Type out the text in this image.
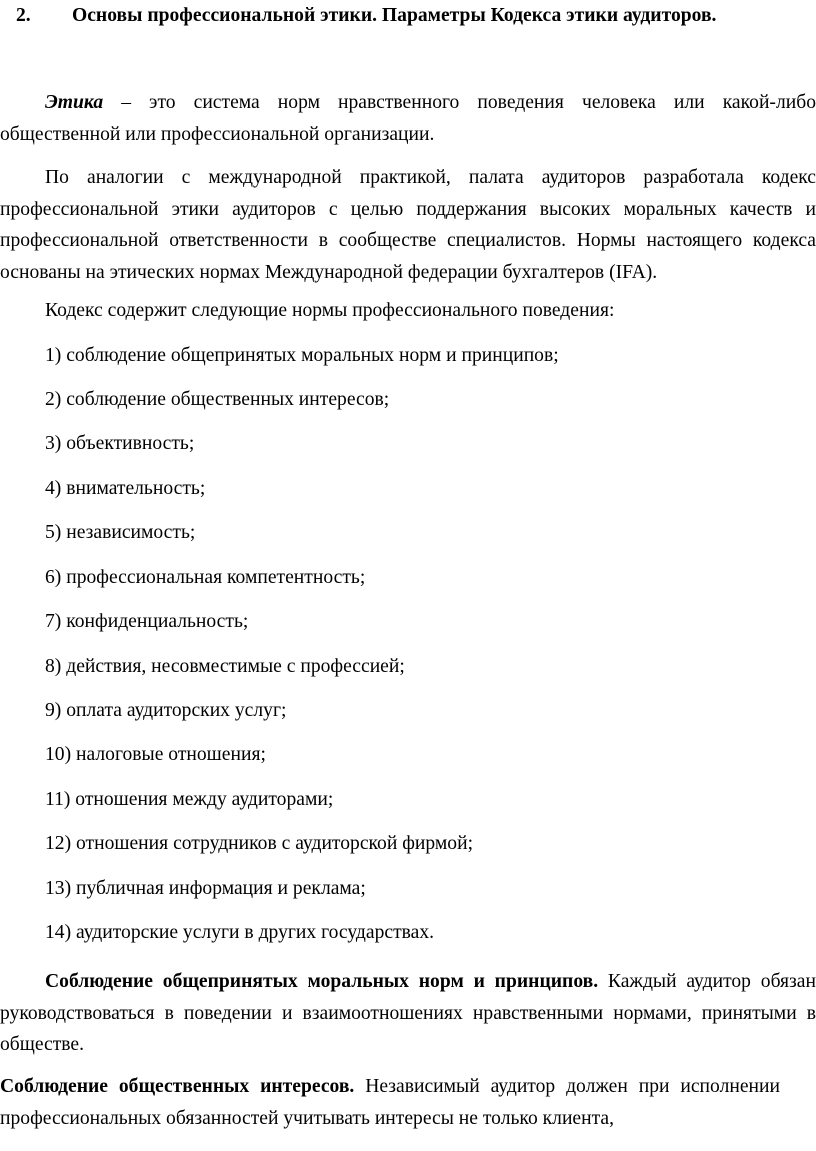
2. Основы профессиональной этики. Параметры Кодекса этики аудиторов.

Этика – это система норм нравственного поведения человека или какой-либо общественной или профессиональной организации.

По аналогии с международной практикой, палата аудиторов разработала кодекс профессиональной этики аудиторов с целью поддержания высоких моральных качеств и профессиональной ответственности в сообществе специалистов. Нормы настоящего кодекса основаны на этических нормах Международной федерации бухгалтеров (IFA).

Кодекс содержит следующие нормы профессионального поведения:
1) соблюдение общепринятых моральных норм и принципов;
2) соблюдение общественных интересов;
3) объективность;
4) внимательность;
5) независимость;
6) профессиональная компетентность;
7) конфиденциальность;
8) действия, несовместимые с профессией;
9) оплата аудиторских услуг;
10) налоговые отношения;
11) отношения между аудиторами;
12) отношения сотрудников с аудиторской фирмой;
13) публичная информация и реклама;
14) аудиторские услуги в других государствах.

Соблюдение общепринятых моральных норм и принципов. Каждый аудитор обязан руководствоваться в поведении и взаимоотношениях нравственными нормами, принятыми в обществе.

Соблюдение общественных интересов. Независимый аудитор должен при исполнении профессиональных обязанностей учитывать интересы не только клиента,
